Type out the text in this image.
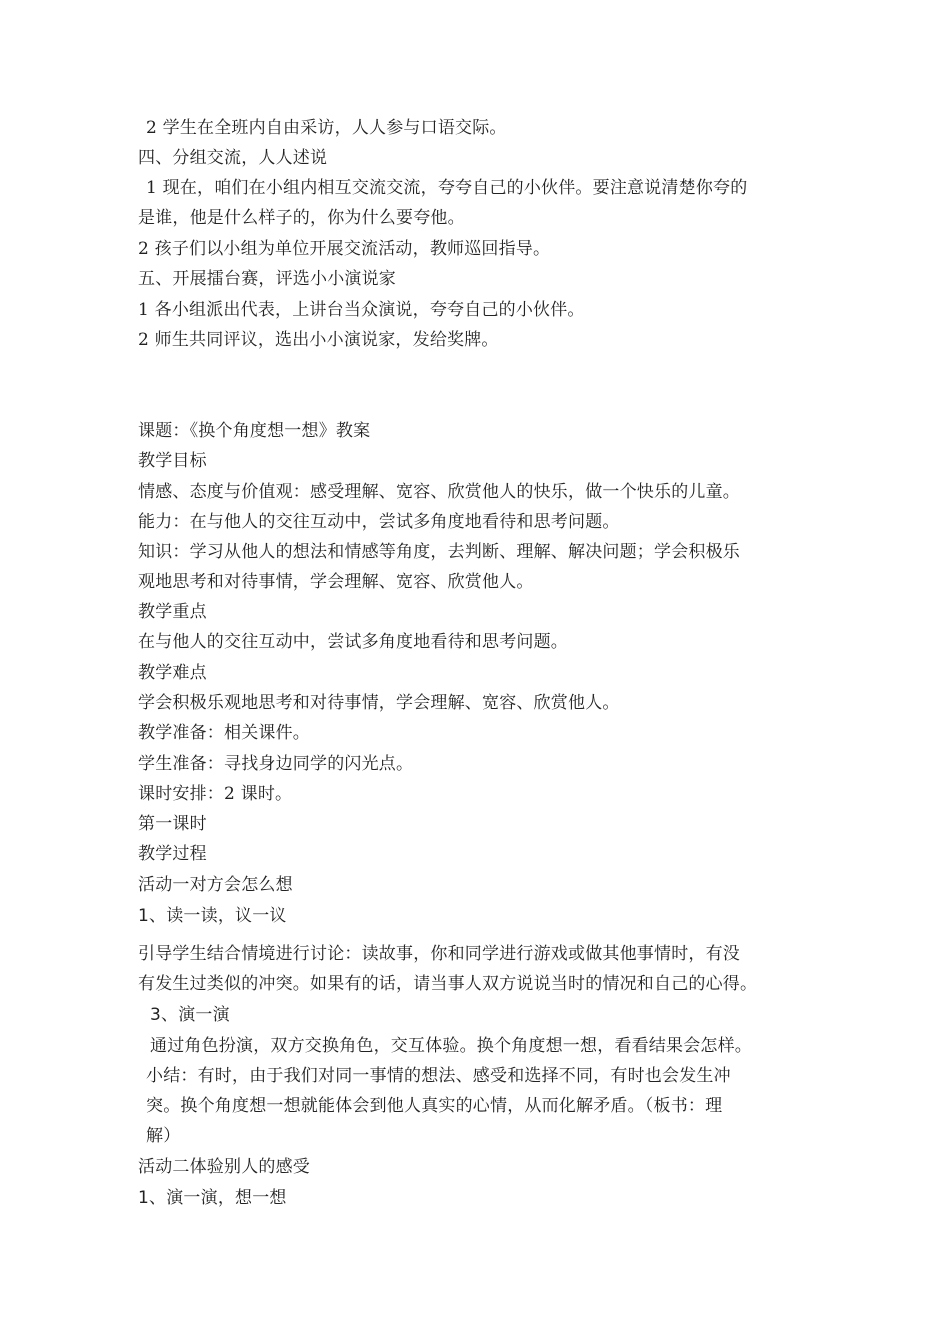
2 学生在全班内自由采访，人人参与口语交际。
四、分组交流，人人述说
1 现在，咱们在小组内相互交流交流，夸夸自己的小伙伴。要注意说清楚你夸的
是谁，他是什么样子的，你为什么要夸他。
2 孩子们以小组为单位开展交流活动，教师巡回指导。
五、开展擂台赛，评选小小演说家
1 各小组派出代表，上讲台当众演说，夸夸自己的小伙伴。
2 师生共同评议，选出小小演说家，发给奖牌。
课题：《换个角度想一想》教案
教学目标
情感、态度与价值观：感受理解、宽容、欣赏他人的快乐，做一个快乐的儿童。
能力：在与他人的交往互动中，尝试多角度地看待和思考问题。
知识：学习从他人的想法和情感等角度，去判断、理解、解决问题；学会积极乐
观地思考和对待事情，学会理解、宽容、欣赏他人。
教学重点
在与他人的交往互动中，尝试多角度地看待和思考问题。
教学难点
学会积极乐观地思考和对待事情，学会理解、宽容、欣赏他人。
教学准备：相关课件。
学生准备：寻找身边同学的闪光点。
课时安排：2 课时。
第一课时
教学过程
活动一对方会怎么想
1、读一读，议一议
引导学生结合情境进行讨论：读故事，你和同学进行游戏或做其他事情时，有没
有发生过类似的冲突。如果有的话，请当事人双方说说当时的情况和自己的心得。
3、演一演
通过角色扮演，双方交换角色，交互体验。换个角度想一想，看看结果会怎样。
小结：有时，由于我们对同一事情的想法、感受和选择不同，有时也会发生冲
突。换个角度想一想就能体会到他人真实的心情，从而化解矛盾。（板书：理
解）
活动二体验别人的感受
1、演一演，想一想
